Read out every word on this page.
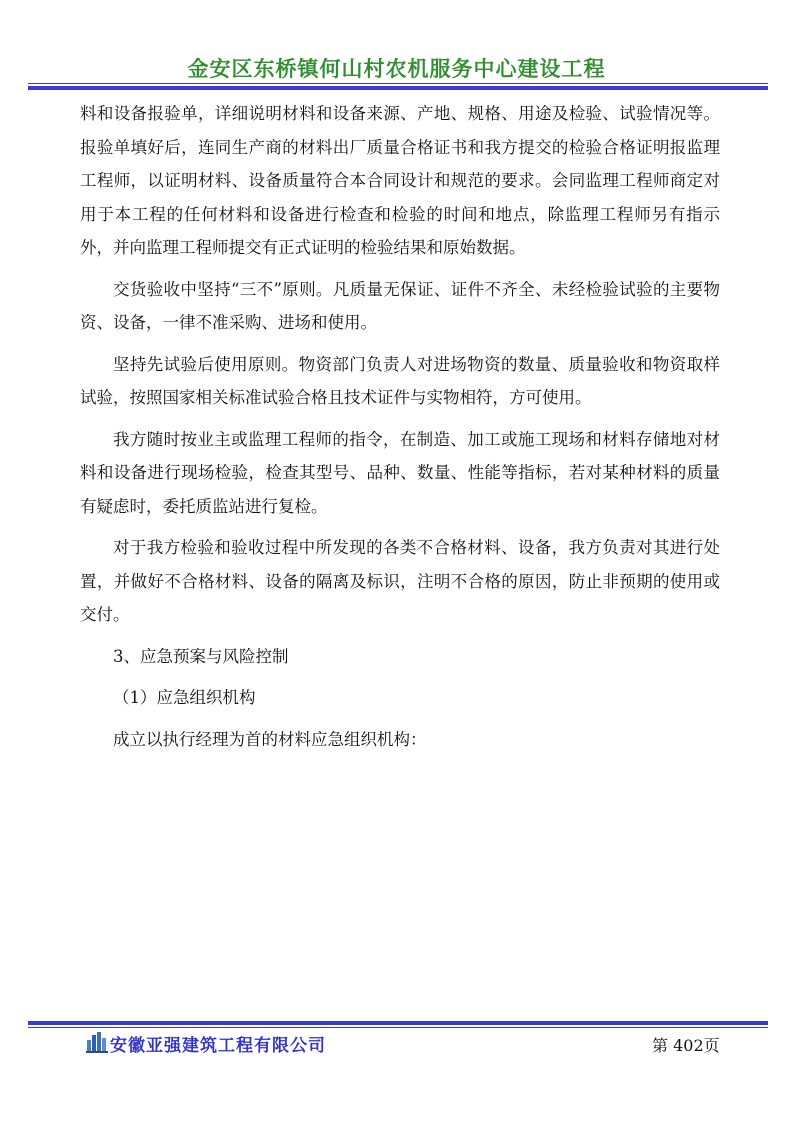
金安区东桥镇何山村农机服务中心建设工程

料和设备报验单，详细说明材料和设备来源、产地、规格、用途及检验、试验情况等。报验单填好后，连同生产商的材料出厂质量合格证书和我方提交的检验合格证明报监理工程师，以证明材料、设备质量符合本合同设计和规范的要求。会同监理工程师商定对用于本工程的任何材料和设备进行检查和检验的时间和地点，除监理工程师另有指示外，并向监理工程师提交有正式证明的检验结果和原始数据。

交货验收中坚持“三不”原则。凡质量无保证、证件不齐全、未经检验试验的主要物资、设备，一律不准采购、进场和使用。

坚持先试验后使用原则。物资部门负责人对进场物资的数量、质量验收和物资取样试验，按照国家相关标准试验合格且技术证件与实物相符，方可使用。

我方随时按业主或监理工程师的指令，在制造、加工或施工现场和材料存储地对材料和设备进行现场检验，检查其型号、品种、数量、性能等指标，若对某种材料的质量有疑虑时，委托质监站进行复检。

对于我方检验和验收过程中所发现的各类不合格材料、设备，我方负责对其进行处置，并做好不合格材料、设备的隔离及标识，注明不合格的原因，防止非预期的使用或交付。

3、应急预案与风险控制

（1）应急组织机构

成立以执行经理为首的材料应急组织机构：

安徽亚强建筑工程有限公司	第 402页
